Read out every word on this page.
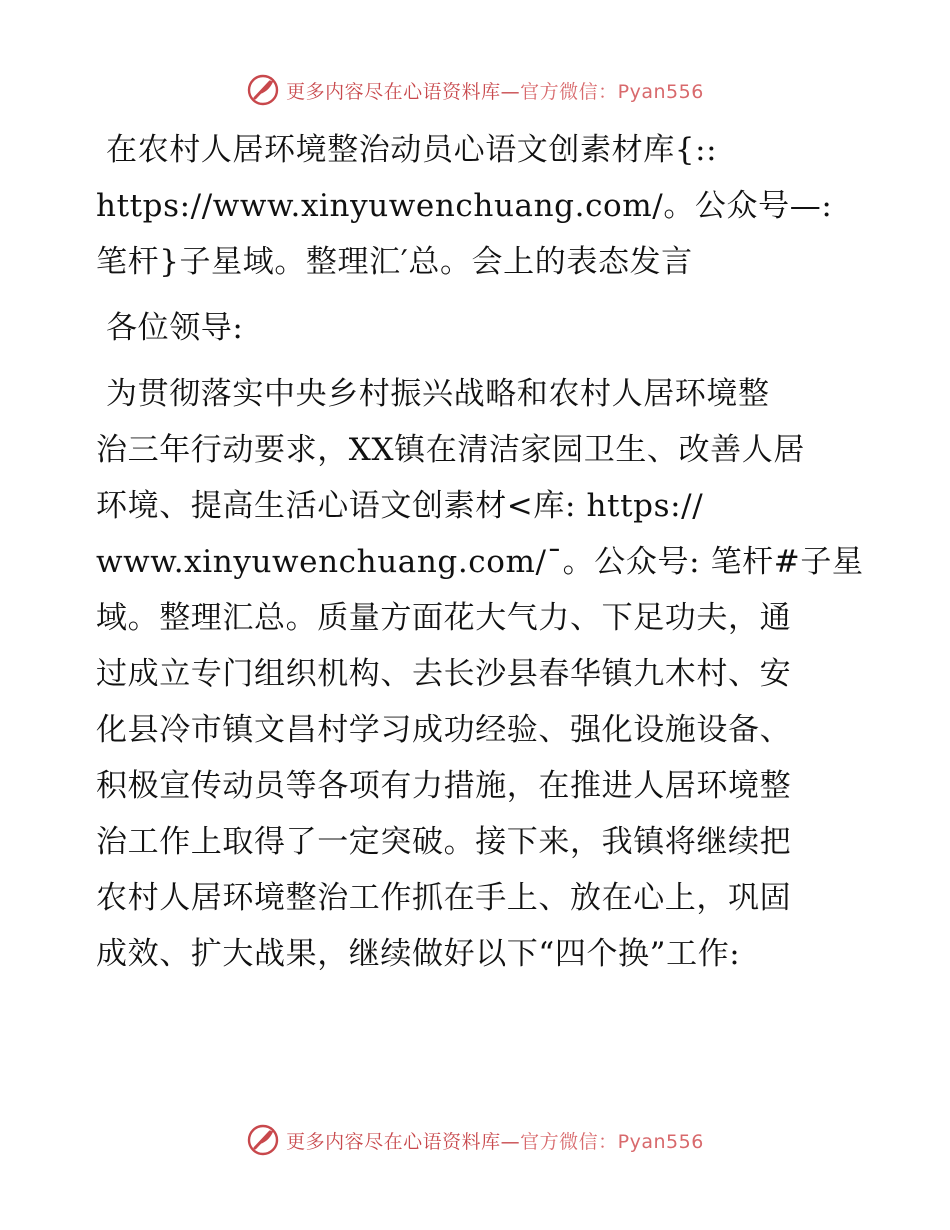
更多内容尽在心语资料库—官方微信：Pyan556
在农村人居环境整治动员心语文创素材库{::
https://www.xinyuwenchuang.com/。公众号—:
笔杆}子星域。整理汇′总。会上的表态发言
各位领导:
为贯彻落实中央乡村振兴战略和农村人居环境整
治三年行动要求，XX镇在清洁家园卫生、改善人居
环境、提高生活心语文创素材<库: https://
www.xinyuwenchuang.com/¯。公众号: 笔杆#子星
域。整理汇总。质量方面花大气力、下足功夫，通
过成立专门组织机构、去长沙县春华镇九木村、安
化县冷市镇文昌村学习成功经验、强化设施设备、
积极宣传动员等各项有力措施，在推进人居环境整
治工作上取得了一定突破。接下来，我镇将继续把
农村人居环境整治工作抓在手上、放在心上，巩固
成效、扩大战果，继续做好以下“四个换”工作:
更多内容尽在心语资料库—官方微信：Pyan556
